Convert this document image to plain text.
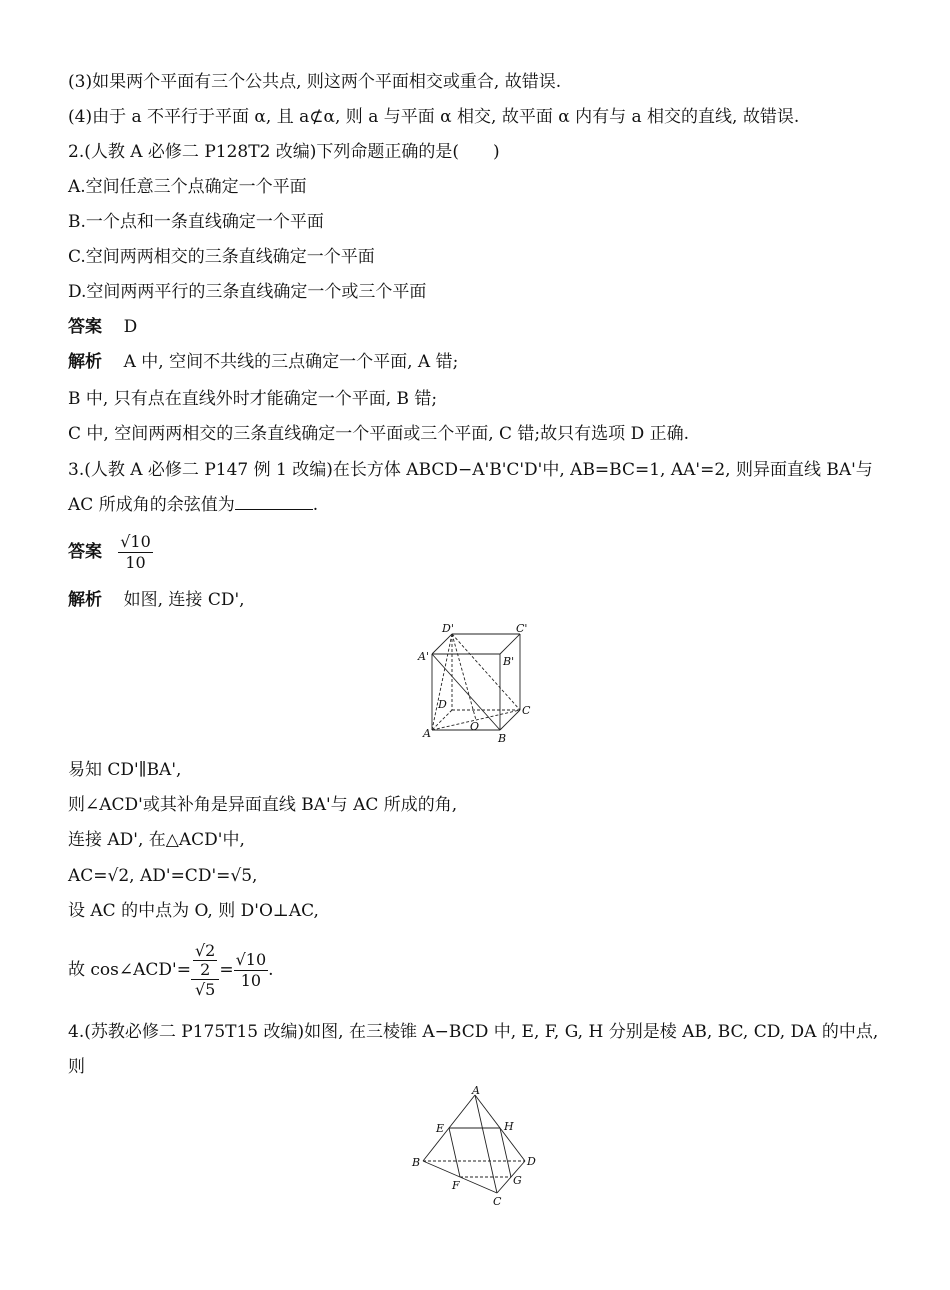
(3)如果两个平面有三个公共点, 则这两个平面相交或重合, 故错误.
(4)由于 a 不平行于平面 α, 且 a⊄α, 则 a 与平面 α 相交, 故平面 α 内有与 a 相交的直线, 故错误.
2.(人教 A 必修二 P128T2 改编)下列命题正确的是(　　)
A.空间任意三个点确定一个平面
B.一个点和一条直线确定一个平面
C.空间两两相交的三条直线确定一个平面
D.空间两两平行的三条直线确定一个或三个平面
答案 D
解析 A 中, 空间不共线的三点确定一个平面, A 错;
B 中, 只有点在直线外时才能确定一个平面, B 错;
C 中, 空间两两相交的三条直线确定一个平面或三个平面, C 错;故只有选项 D 正确.
3.(人教 A 必修二 P147 例 1 改编)在长方体 ABCD−A'B'C'D'中, AB=BC=1, AA'=2, 则异面直线 BA'与
AC 所成角的余弦值为	.
答案 $\frac{√10}{10}$
解析 如图, 连接 CD',
D'	C'
A'	B'
D	C
A	B
O
易知 CD'∥BA',
则∠ACD'或其补角是异面直线 BA'与 AC 所成的角,
连接 AD', 在△ACD'中,
AC=√2, AD'=CD'=√5,
设 AC 的中点为 O, 则 D'O⊥AC,
故 cos∠ACD'= $\frac{\frac{√2}{2}}{√5} = \frac{√10}{10}$ .
4.(苏教必修二 P175T15 改编)如图, 在三棱锥 A−BCD 中, E, F, G, H 分别是棱 AB, BC, CD, DA 的中点,
则
A
E	H
B	D
F	G
C
